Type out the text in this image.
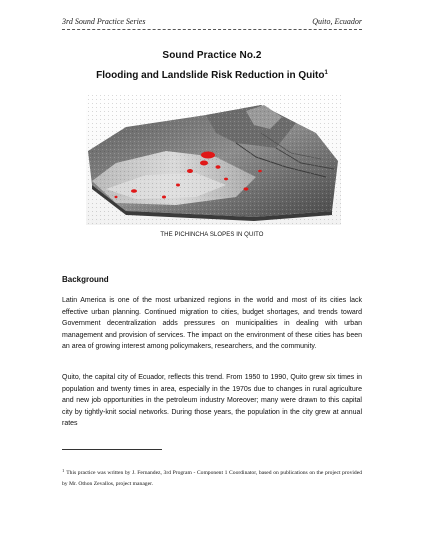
3rd Sound Practice Series	Quito, Ecuador
Sound Practice No.2
Flooding and Landslide Risk Reduction in Quito$^1$
THE PICHINCHA SLOPES IN QUITO
Background

Latin America is one of the most urbanized regions in the world and most of its cities lack effective urban planning. Continued migration to cities, budget shortages, and trends toward Government decentralization adds pressures on municipalities in dealing with urban management and provision of services. The impact on the environment of these cities has been an area of growing interest among policymakers, researchers, and the community.

Quito, the capital city of Ecuador, reflects this trend. From 1950 to 1990, Quito grew six times in population and twenty times in area, especially in the 1970s due to changes in rural agriculture and new job opportunities in the petroleum industry Moreover; many were drawn to this capital city by tightly-knit social networks. During those years, the population in the city grew at annual rates

$^1$ This practice was written by J. Fernandez, 3rd Program - Component 1 Coordinator, based on publications on the project provided by Mr. Othon Zevallos, project manager.
